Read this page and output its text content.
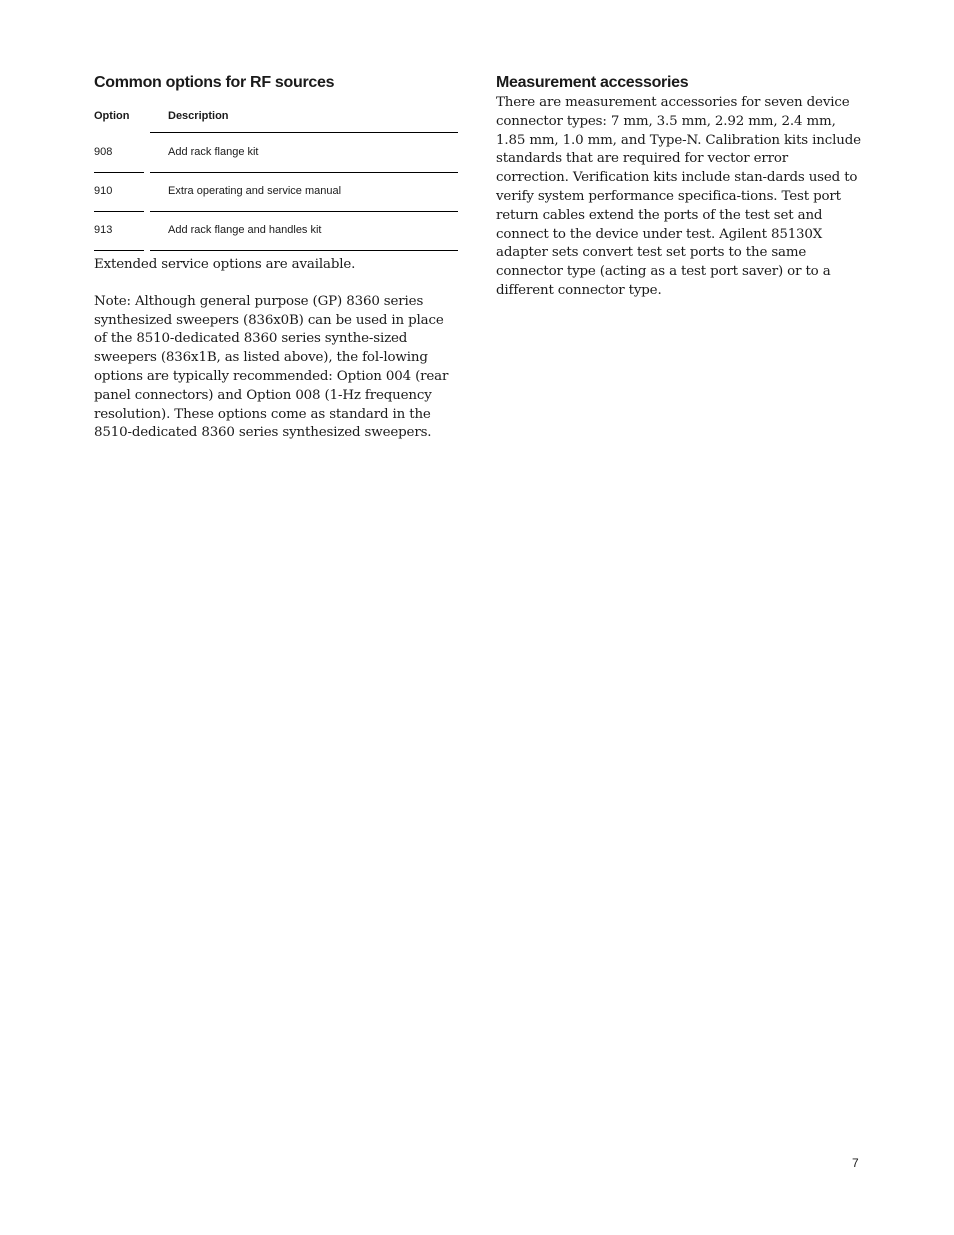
Common options for RF sources
Option	Description
908	Add rack flange kit
910	Extra operating and service manual
913	Add rack flange and handles kit

Extended service options are available.

Note: Although general purpose (GP) 8360 series synthesized sweepers (836x0B) can be used in place of the 8510-dedicated 8360 series synthe-sized sweepers (836x1B, as listed above), the fol-lowing options are typically recommended: Option 004 (rear panel connectors) and Option 008 (1-Hz frequency resolution). These options come as standard in the 8510-dedicated 8360 series synthesized sweepers.

Measurement accessories

There are measurement accessories for seven device connector types: 7 mm, 3.5 mm, 2.92 mm, 2.4 mm, 1.85 mm, 1.0 mm, and Type-N. Calibration kits include standards that are required for vector error correction. Verification kits include stan-dards used to verify system performance specifica-tions. Test port return cables extend the ports of the test set and connect to the device under test. Agilent 85130X adapter sets convert test set ports to the same connector type (acting as a test port saver) or to a different connector type.

7
